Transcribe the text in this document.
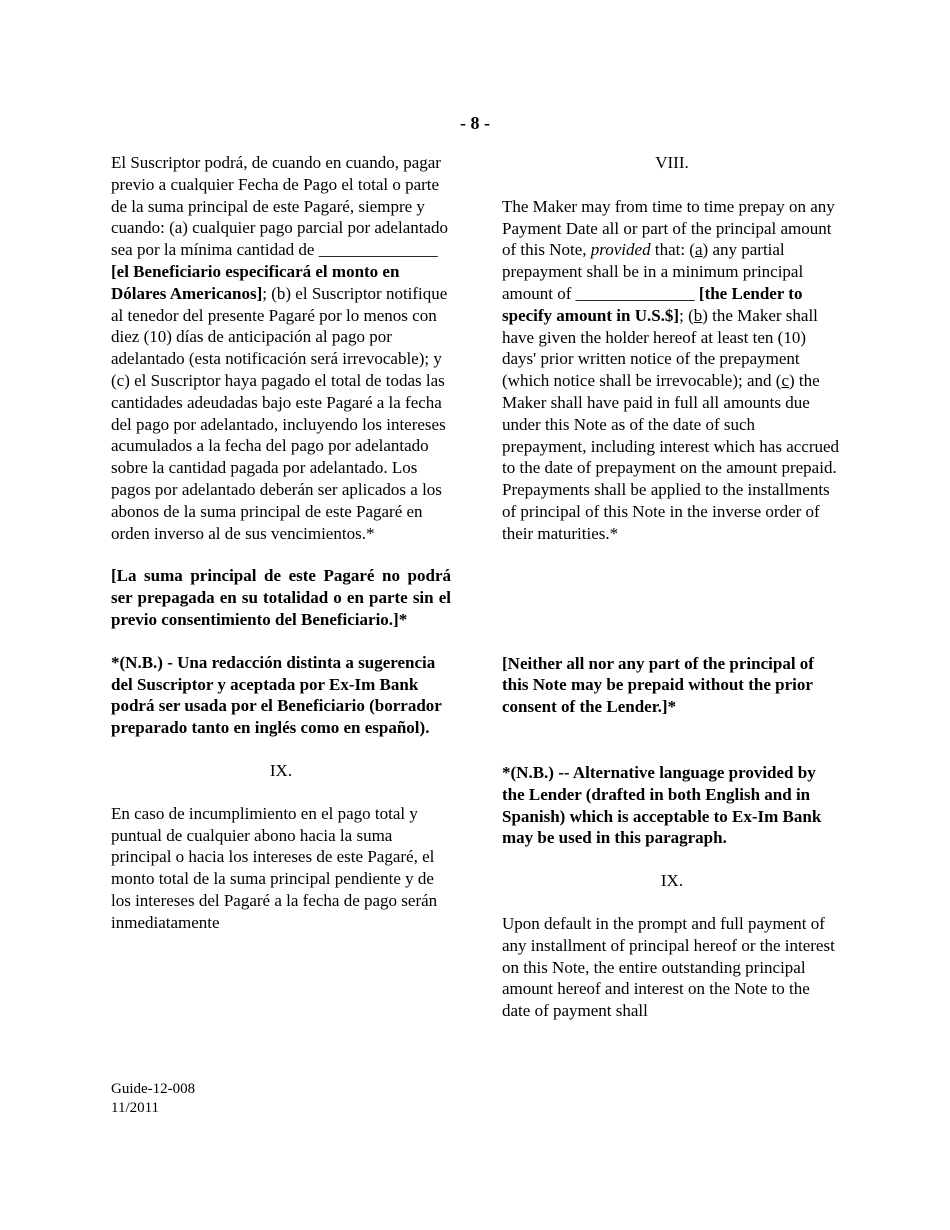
- 8 -

El Suscriptor podrá, de cuando en cuando, pagar previo a cualquier Fecha de Pago el total o parte de la suma principal de este Pagaré, siempre y cuando: (a) cualquier pago parcial por adelantado sea por la mínima cantidad de ______________ [el Beneficiario especificará el monto en Dólares Americanos]; (b) el Suscriptor notifique al tenedor del presente Pagaré por lo menos con diez (10) días de anticipación al pago por adelantado (esta notificación será irrevocable); y (c) el Suscriptor haya pagado el total de todas las cantidades adeudadas bajo este Pagaré a la fecha del pago por adelantado, incluyendo los intereses acumulados a la fecha del pago por adelantado sobre la cantidad pagada por adelantado. Los pagos por adelantado deberán ser aplicados a los abonos de la suma principal de este Pagaré en orden inverso al de sus vencimientos.*

[La suma principal de este Pagaré no podrá ser prepagada en su totalidad o en parte sin el previo consentimiento del Beneficiario.]*

*(N.B.) - Una redacción distinta a sugerencia del Suscriptor y aceptada por Ex-Im Bank podrá ser usada por el Beneficiario (borrador preparado tanto en inglés como en español).

IX.

En caso de incumplimiento en el pago total y puntual de cualquier abono hacia la suma principal o hacia los intereses de este Pagaré, el monto total de la suma principal pendiente y de los intereses del Pagaré a la fecha de pago serán inmediatamente

VIII.

The Maker may from time to time prepay on any Payment Date all or part of the principal amount of this Note, provided that: (a) any partial prepayment shall be in a minimum principal amount of ______________ [the Lender to specify amount in U.S.$]; (b) the Maker shall have given the holder hereof at least ten (10) days' prior written notice of the prepayment (which notice shall be irrevocable); and (c) the Maker shall have paid in full all amounts due under this Note as of the date of such prepayment, including interest which has accrued to the date of prepayment on the amount prepaid. Prepayments shall be applied to the installments of principal of this Note in the inverse order of their maturities.*

[Neither all nor any part of the principal of this Note may be prepaid without the prior consent of the Lender.]*

*(N.B.) -- Alternative language provided by the Lender (drafted in both English and in Spanish) which is acceptable to Ex-Im Bank may be used in this paragraph.

IX.

Upon default in the prompt and full payment of any installment of principal hereof or the interest on this Note, the entire outstanding principal amount hereof and interest on the Note to the date of payment shall

Guide-12-008
11/2011
